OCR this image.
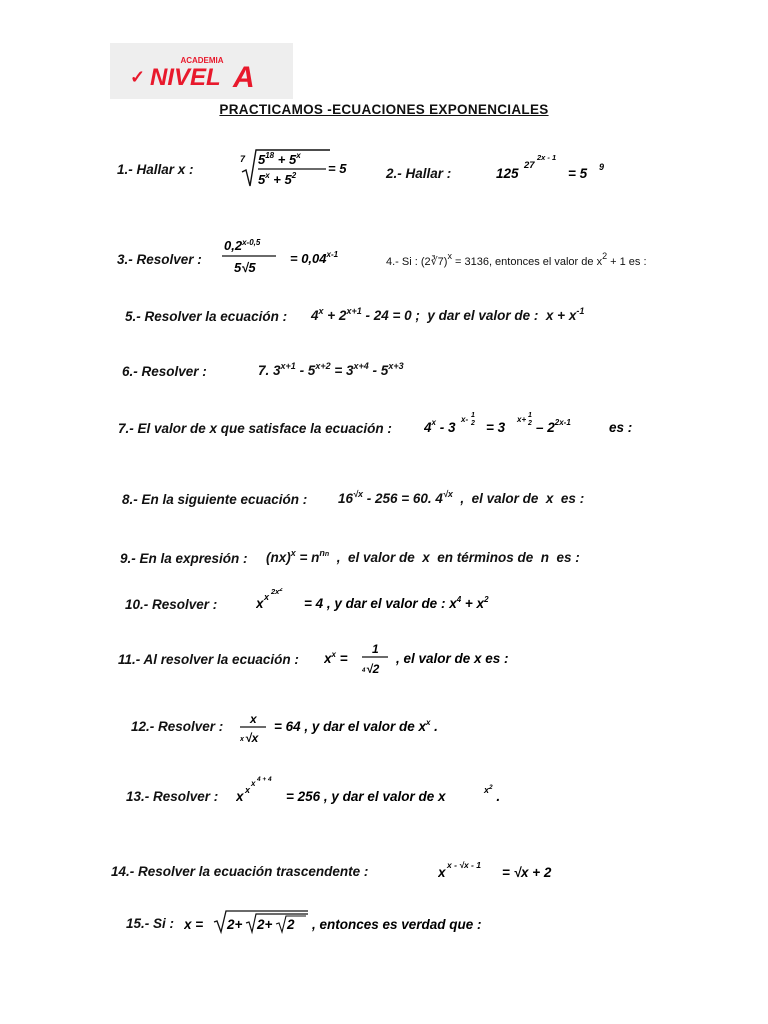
ACADEMIA
✓ NIVEL A
PRACTICAMOS -ECUACIONES EXPONENCIALES
1.- Hallar x :
7 $5^{18} + 5^x$
$5^x + 5^2 = 5$	2.- Hallar :	125
27
2x - 1
= 5 9
3.- Resolver :
0,2$^{x-0,5}$
5√5
= $0,04^{x-1}$
4.- Si : (2∛7)$^x$ = 3136, entonces el valor de $x^2 + 1$ es :
5.- Resolver la ecuación : $4^x + 2^{x+1} - 24 = 0$ ;  y dar el valor de :  $x + x^{-1}$
6.- Resolver :	7. $3^{x+1} - 5^{x+2} = 3^{x+4} - 5^{x+3}$
7.- El valor de x que satisface la ecuación : 4$^x$ - 3
x- 1
2 = 3
x+ 1
$2 - 2^{2x-1}$	es :
8.- En la siguiente ecuación : $16^{√x} - 256 = 60$. $4^{√x}$  ,  el valor de  x  es :
9.- En la expresión : $(nx)^x = n^{nn}$  ,  el valor de  x  en términos de  n  es :
10.- Resolver :	x x
$2x^2$
= 4 , y dar el valor de : $x^4 + x^2$
11.- Al resolver la ecuación : $x^x$ =
1
4 √2
, el valor de x es :
12.- Resolver : x
x √x
= 64 , y dar el valor de $x^x$ .
13.- Resolver : x x
x 4 + 4
= 256 , y dar el valor de x	$x^2$ .
14.- Resolver la ecuación trascendente :	x x - √x - 1 = √x + 2
15.- Si : x = 2+ 2+ 2 , entonces es verdad que :
